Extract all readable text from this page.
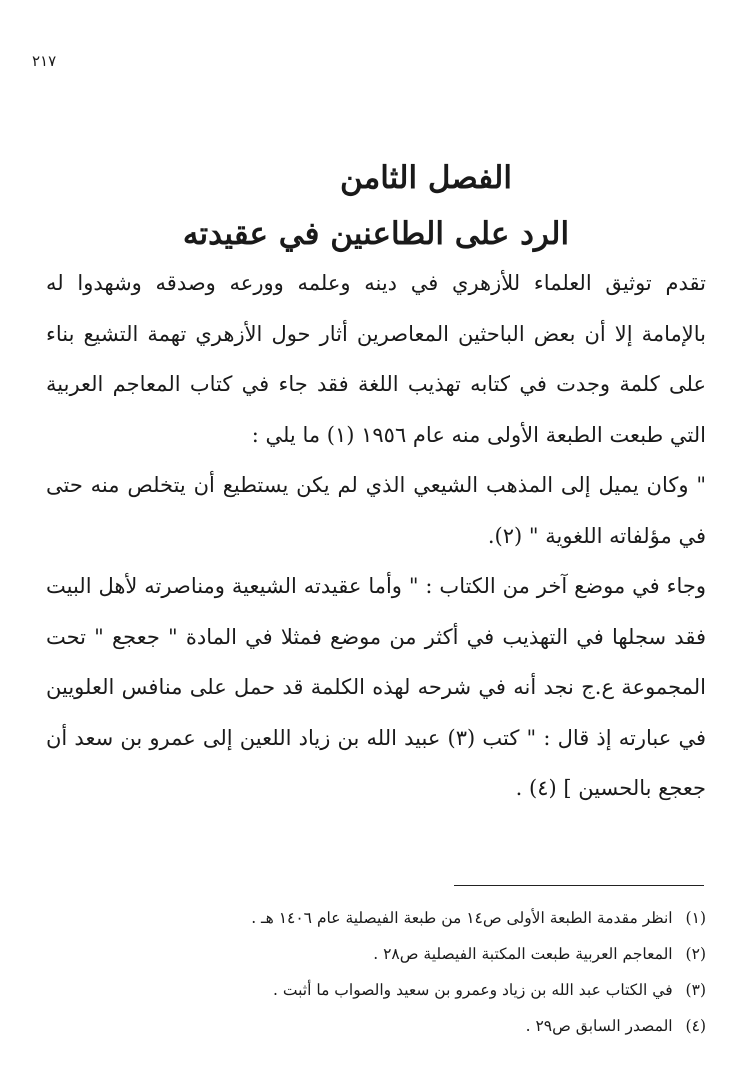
٢١٧
الفصل الثامن
الرد على الطاعنين في عقيدته

تقدم توثيق العلماء للأزهري في دينه وعلمه وورعه وصدقه وشهدوا له بالإمامة إلا أن بعض الباحثين المعاصرين أثار حول الأزهري تهمة التشيع بناء على كلمة وجدت في كتابه تهذيب اللغة فقد جاء في كتاب المعاجم العربية التي طبعت الطبعة الأولى منه عام ١٩٥٦ (١) ما يلي :

" وكان يميل إلى المذهب الشيعي الذي لم يكن يستطيع أن يتخلص منه حتى في مؤلفاته اللغوية " (٢).

وجاء في موضع آخر من الكتاب : " وأما عقيدته الشيعية ومناصرته لأهل البيت فقد سجلها في التهذيب في أكثر من موضع فمثلا في المادة " جعجع " تحت المجموعة ع.ج نجد أنه في شرحه لهذه الكلمة قد حمل على منافس العلويين في عبارته إذ قال : " كتب (٣) عبيد الله بن زياد اللعين إلى عمرو بن سعد أن جعجع بالحسين ] (٤) .

(١) انظر مقدمة الطبعة الأولى ص١٤ من طبعة الفيصلية عام ١٤٠٦ هـ .

(٢) المعاجم العربية طبعت المكتبة الفيصلية ص٢٨ .

(٣) في الكتاب عبد الله بن زياد وعمرو بن سعيد والصواب ما أثبت .

(٤) المصدر السابق ص٢٩ .
